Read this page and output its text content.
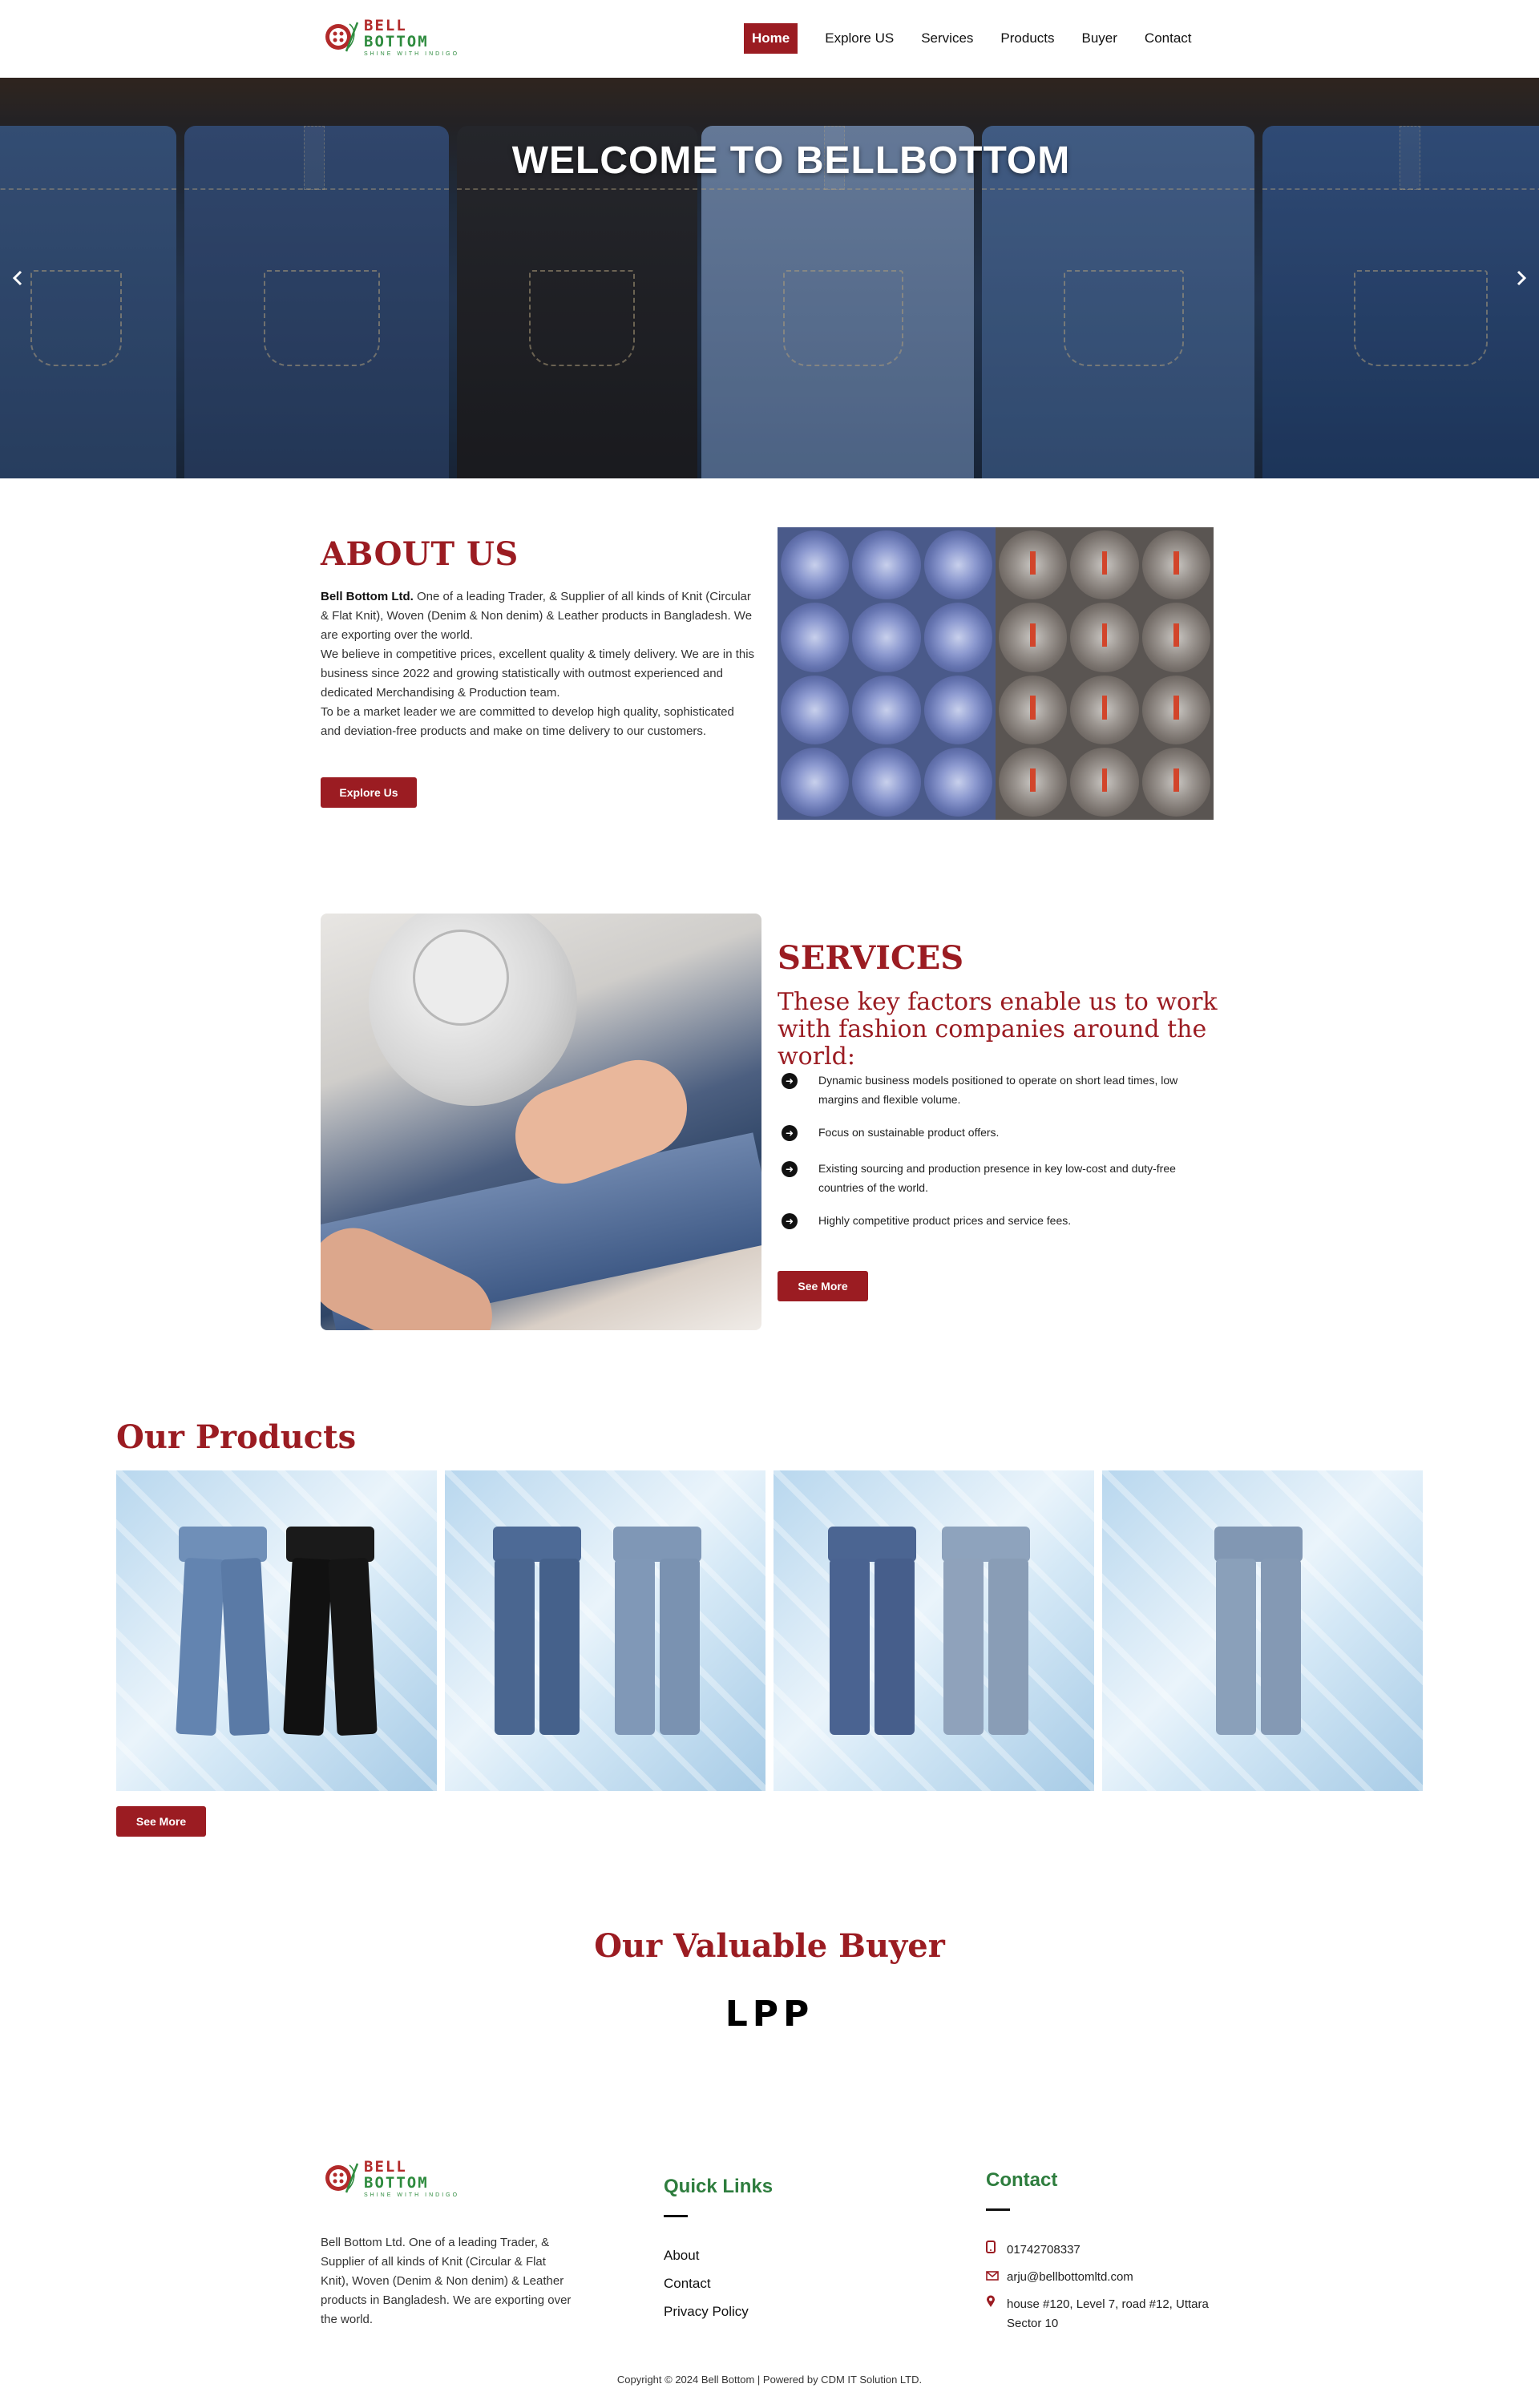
BELL BOTTOM
SHINE WITH INDIGO
Home	Explore US Services Products Buyer Contact
WELCOME TO BELLBOTTOM
ABOUT US
Bell Bottom Ltd. One of a leading Trader, & Supplier of all kinds of Knit (Circular & Flat Knit), Woven (Denim & Non denim) & Leather products in Bangladesh. We are exporting over the world.
We believe in competitive prices, excellent quality & timely delivery. We are in this business since 2022 and growing statistically with outmost experienced and dedicated Merchandising & Production team.
To be a market leader we are committed to develop high quality, sophisticated and deviation-free products and make on time delivery to our customers.
Explore Us
SERVICES
These key factors enable us to work with fashion companies around the world:
➜	Dynamic business models positioned to operate on short lead times, low margins and flexible volume.
➜	Focus on sustainable product offers.
➜	Existing sourcing and production presence in key low-cost and duty-free countries of the world.
➜	Highly competitive product prices and service fees.
See More
Our Products
See More
Our Valuable Buyer
LPP
BELL BOTTOM
SHINE WITH INDIGO
Bell Bottom Ltd. One of a leading Trader, & Supplier of all kinds of Knit (Circular & Flat Knit), Woven (Denim & Non denim) & Leather products in Bangladesh. We are exporting over the world.
Quick Links
About
Contact
Privacy Policy
Contact
01742708337
arju@bellbottomltd.com
house #120, Level 7, road #12, Uttara Sector 10
Copyright © 2024 Bell Bottom | Powered by CDM IT Solution LTD.
